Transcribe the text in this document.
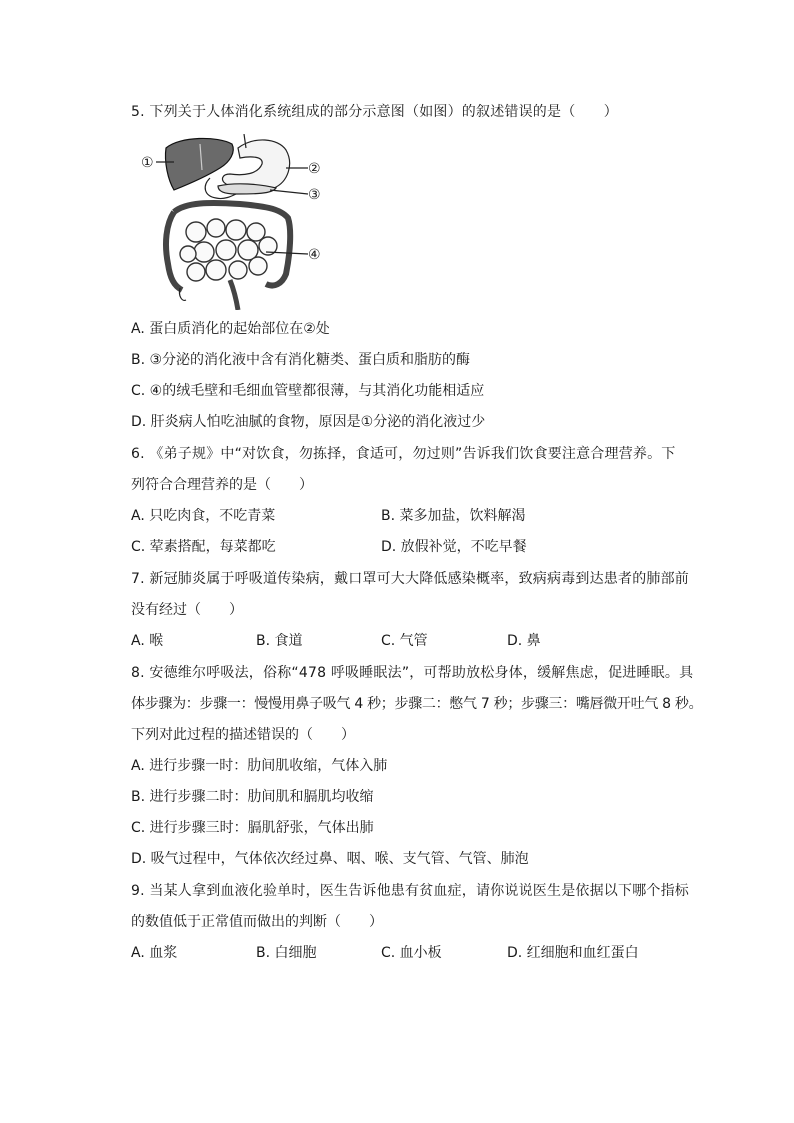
5. 下列关于人体消化系统组成的部分示意图（如图）的叙述错误的是（　　）
①	②
③
④
A. 蛋白质消化的起始部位在②处
B. ③分泌的消化液中含有消化糖类、蛋白质和脂肪的酶
C. ④的绒毛壁和毛细血管壁都很薄，与其消化功能相适应
D. 肝炎病人怕吃油腻的食物，原因是①分泌的消化液过少
6. 《弟子规》中“对饮食，勿拣择，食适可，勿过则”告诉我们饮食要注意合理营养。下
列符合合理营养的是（　　）
A. 只吃肉食，不吃青菜	B. 菜多加盐，饮料解渴
C. 荤素搭配，每菜都吃	D. 放假补觉，不吃早餐
7. 新冠肺炎属于呼吸道传染病，戴口罩可大大降低感染概率，致病病毒到达患者的肺部前
没有经过（　　）
A. 喉	B. 食道	C. 气管	D. 鼻
8. 安德维尔呼吸法，俗称“478 呼吸睡眠法”，可帮助放松身体，缓解焦虑，促进睡眠。具
体步骤为：步骤一：慢慢用鼻子吸气 4 秒；步骤二：憋气 7 秒；步骤三：嘴唇微开吐气 8 秒。
下列对此过程的描述错误的（　　）
A. 进行步骤一时：肋间肌收缩，气体入肺
B. 进行步骤二时：肋间肌和膈肌均收缩
C. 进行步骤三时：膈肌舒张，气体出肺
D. 吸气过程中，气体依次经过鼻、咽、喉、支气管、气管、肺泡
9. 当某人拿到血液化验单时，医生告诉他患有贫血症，请你说说医生是依据以下哪个指标
的数值低于正常值而做出的判断（　　）
A. 血浆	B. 白细胞	C. 血小板	D. 红细胞和血红蛋白
